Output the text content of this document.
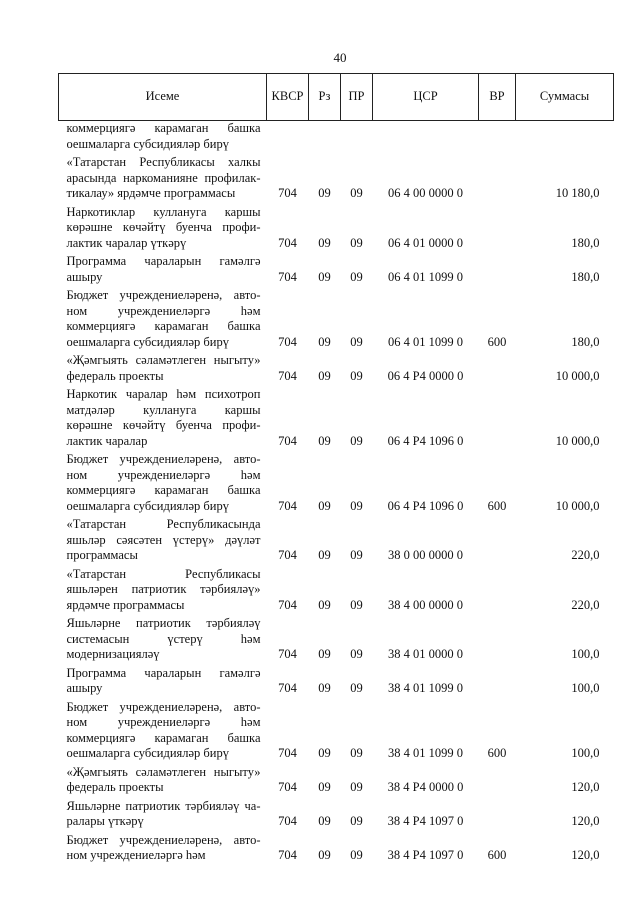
40
Исеме	КВСР	Рз	ПР	ЦСР	ВР	Суммасы

коммерциягә карамаган башка
оешмаларга субсидияләр бирү						

«Татарстан Республикасы халкы
арасында наркоманияне профилак-
тикалау» ярдәмче программасы	704	09	09	06 4 00 0000 0		10 180,0

Наркотиклар куллануга каршы
көрәшне көчәйтү буенча профи-
лактик чаралар үткәрү	704	09	09	06 4 01 0000 0		180,0

Программа чараларын гамәлгә
ашыру	704	09	09	06 4 01 1099 0		180,0

Бюджет учреждениеләренә, авто-
ном учреждениеләргә һәм
коммерциягә карамаган башка
оешмаларга субсидияләр бирү	704	09	09	06 4 01 1099 0	600	180,0

«Җәмгыять сәламәтлеген ныгыту»
федераль проекты	704	09	09	06 4 P4 0000 0		10 000,0

Наркотик чаралар һәм психотроп
матдәләр кулланугa каршы
көрәшне көчәйтү буенча профи-
лактик чаралар	704	09	09	06 4 P4 1096 0		10 000,0

Бюджет учреждениеләренә, авто-
ном учреждениеләргә һәм
коммерциягә карамаган башка
оешмаларга субсидияләр бирү	704	09	09	06 4 P4 1096 0	600	10 000,0

«Татарстан Республикасында
яшьләр сәясәтен үстерү» дәүләт
программасы	704	09	09	38 0 00 0000 0		220,0

«Татарстан Республикасы
яшьләрен патриотик тәрбияләү»
ярдәмче программасы	704	09	09	38 4 00 0000 0		220,0

Яшьләрне патриотик тәрбияләү
системасын үстерү һәм
модернизацияләү	704	09	09	38 4 01 0000 0		100,0

Программа чараларын гамәлгә
ашыру	704	09	09	38 4 01 1099 0		100,0

Бюджет учреждениеләренә, авто-
ном учреждениеләргә һәм
коммерциягә карамаган башка
оешмаларга субсидияләр бирү	704	09	09	38 4 01 1099 0	600	100,0

«Җәмгыять сәламәтлеген ныгыту»
федераль проекты	704	09	09	38 4 P4 0000 0		120,0

Яшьләрне патриотик тәрбияләү ча-
ралары үткәрү	704	09	09	38 4 P4 1097 0		120,0

Бюджет учреждениеләренә, авто-
ном учреждениеләргә һәм	704	09	09	38 4 P4 1097 0	600	120,0
